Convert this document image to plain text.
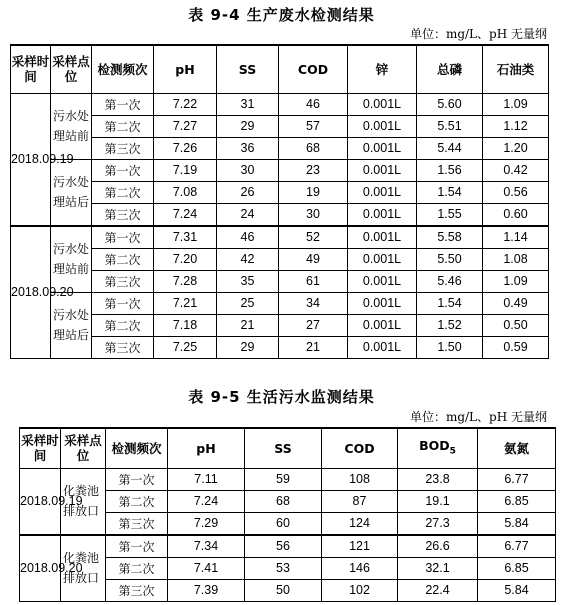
表 9-4 生产废水检测结果
单位：mg/L、pH 无量纲
采样时间	采样点位	检测频次	pH	SS	COD	锌	总磷	石油类
2018.09.19	污水处理站前	第一次	7.22	31	46	0.001L	5.60	1.09
		第二次	7.27	29	57	0.001L	5.51	1.12
		第三次	7.26	36	68	0.001L	5.44	1.20
	污水处理站后	第一次	7.19	30	23	0.001L	1.56	0.42
		第二次	7.08	26	19	0.001L	1.54	0.56
		第三次	7.24	24	30	0.001L	1.55	0.60
2018.09.20	污水处理站前	第一次	7.31	46	52	0.001L	5.58	1.14
		第二次	7.20	42	49	0.001L	5.50	1.08
		第三次	7.28	35	61	0.001L	5.46	1.09
	污水处理站后	第一次	7.21	25	34	0.001L	1.54	0.49
		第二次	7.18	21	27	0.001L	1.52	0.50
		第三次	7.25	29	21	0.001L	1.50	0.59
表 9-5 生活污水监测结果
单位：mg/L、pH 无量纲
采样时间	采样点位	检测频次	pH	SS	COD	$BOD_5$	氨氮
2018.09.19	化粪池排放口	第一次	7.11	59	108	23.8	6.77
		第二次	7.24	68	87	19.1	6.85
		第三次	7.29	60	124	27.3	5.84
2018.09.20	化粪池排放口	第一次	7.34	56	121	26.6	6.77
		第二次	7.41	53	146	32.1	6.85
		第三次	7.39	50	102	22.4	5.84
